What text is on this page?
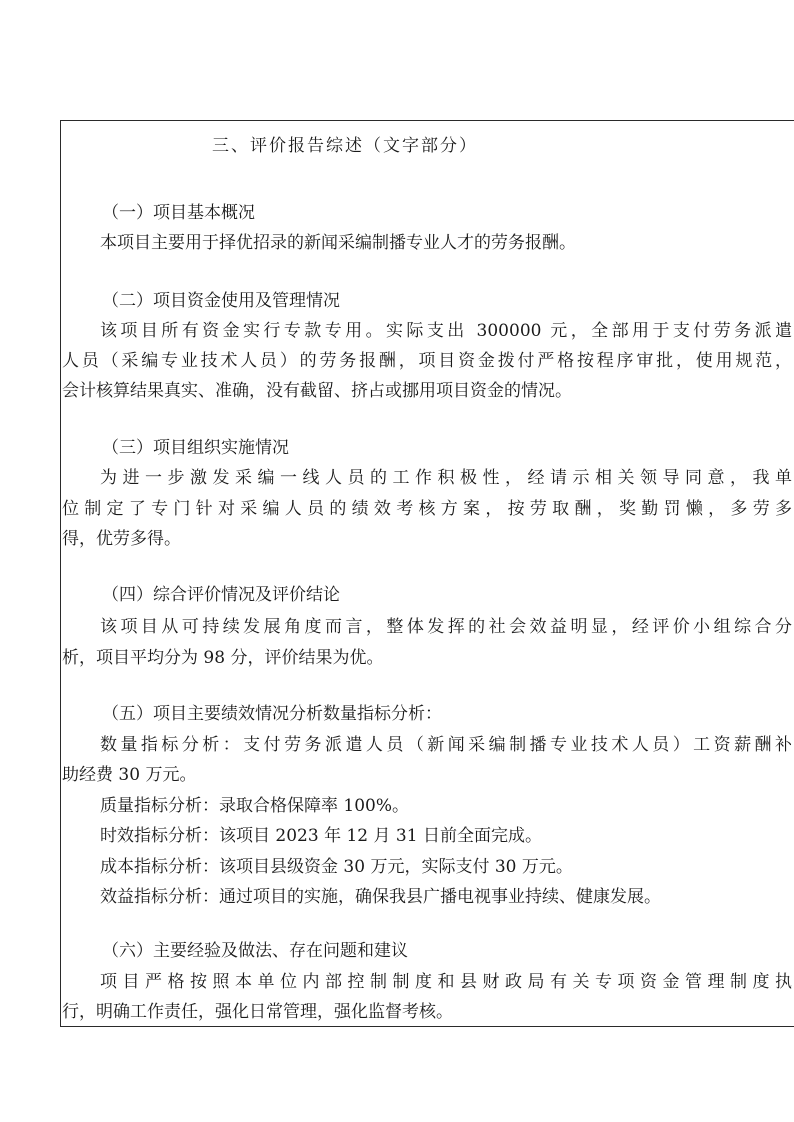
三、评价报告综述（文字部分）
（一）项目基本概况
本项目主要用于择优招录的新闻采编制播专业人才的劳务报酬。
（二）项目资金使用及管理情况
该项目所有资金实行专款专用。实际支出 300000 元，全部用于支付劳务派遣
人员（采编专业技术人员）的劳务报酬，项目资金拨付严格按程序审批，使用规范，
会计核算结果真实、准确，没有截留、挤占或挪用项目资金的情况。
（三）项目组织实施情况
为进一步激发采编一线人员的工作积极性，经请示相关领导同意，我单
位制定了专门针对采编人员的绩效考核方案，按劳取酬，奖勤罚懒，多劳多
得，优劳多得。
（四）综合评价情况及评价结论
该项目从可持续发展角度而言，整体发挥的社会效益明显，经评价小组综合分
析，项目平均分为 98 分，评价结果为优。
（五）项目主要绩效情况分析数量指标分析：
数量指标分析：支付劳务派遣人员（新闻采编制播专业技术人员）工资薪酬补
助经费 30 万元。
质量指标分析：录取合格保障率 100%。
时效指标分析：该项目 2023 年 12 月 31 日前全面完成。
成本指标分析：该项目县级资金 30 万元，实际支付 30 万元。
效益指标分析：通过项目的实施，确保我县广播电视事业持续、健康发展。
（六）主要经验及做法、存在问题和建议
项目严格按照本单位内部控制制度和县财政局有关专项资金管理制度执
行，明确工作责任，强化日常管理，强化监督考核。
